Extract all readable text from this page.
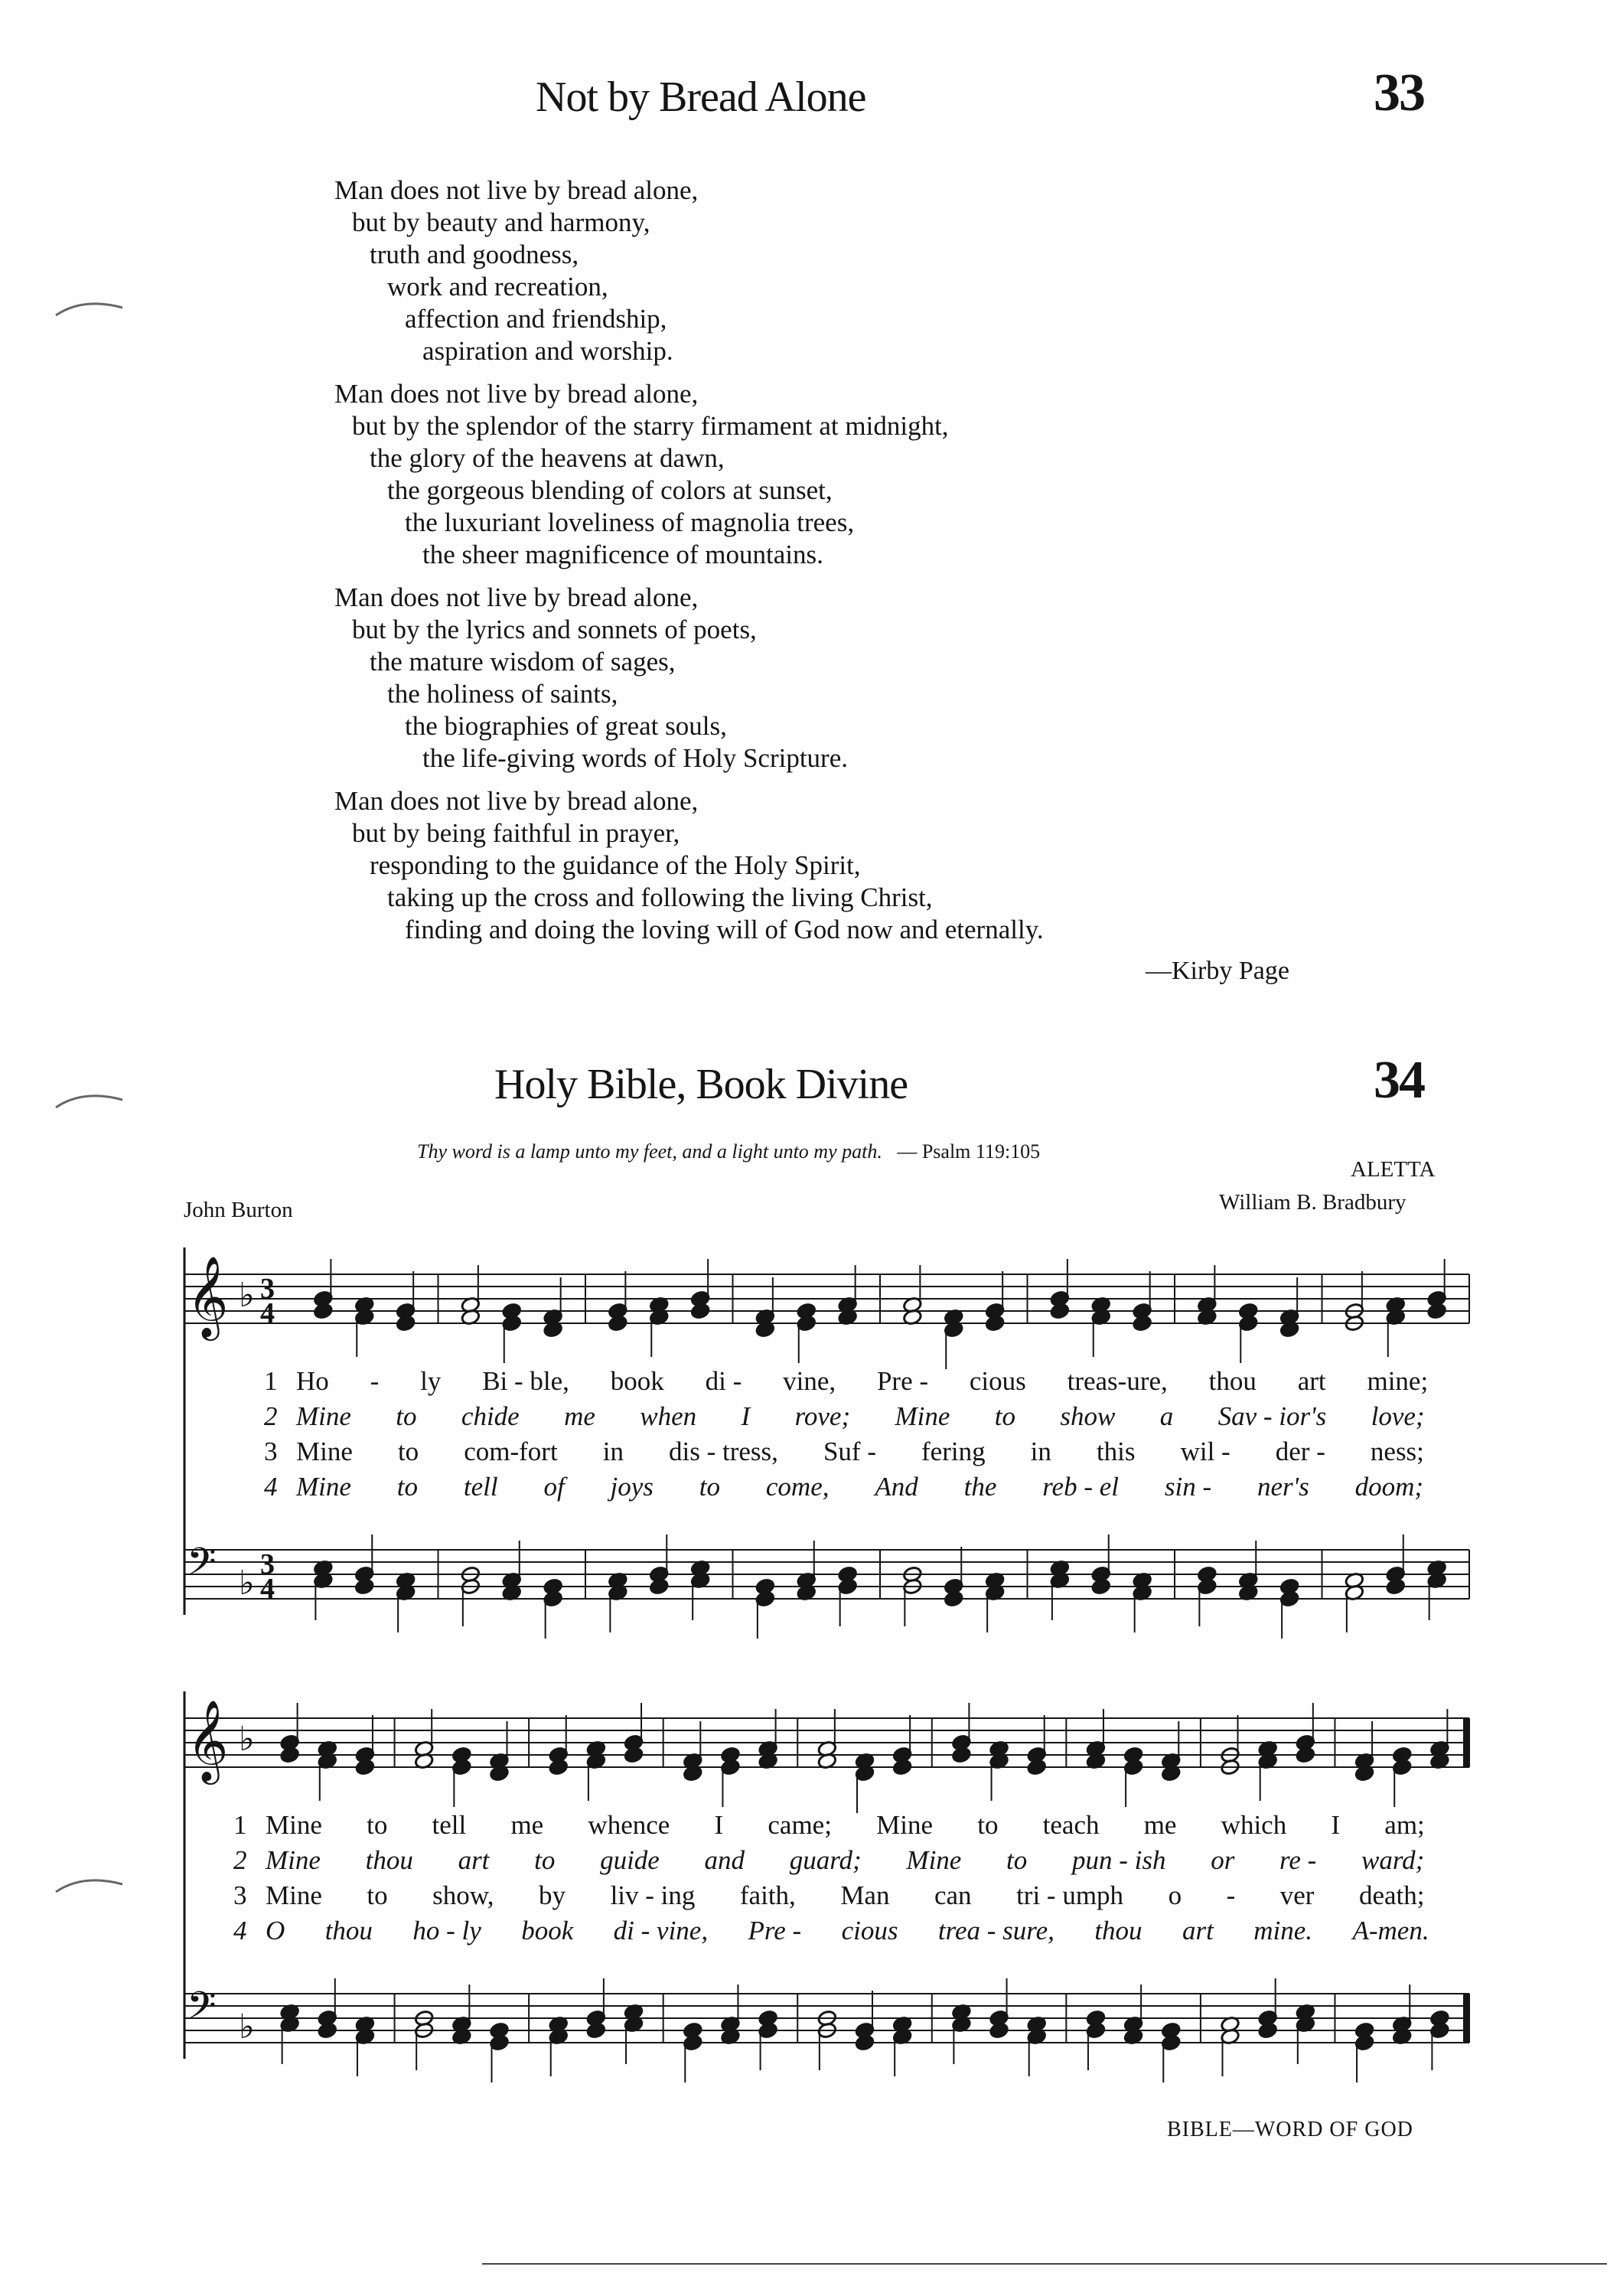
Not by Bread Alone	33
Man does not live by bread alone,
but by beauty and harmony,
truth and goodness,
work and recreation,
affection and friendship,
aspiration and worship.
Man does not live by bread alone,
but by the splendor of the starry firmament at midnight,
the glory of the heavens at dawn,
the gorgeous blending of colors at sunset,
the luxuriant loveliness of magnolia trees,
the sheer magnificence of mountains.
Man does not live by bread alone,
but by the lyrics and sonnets of poets,
the mature wisdom of sages,
the holiness of saints,
the biographies of great souls,
the life-giving words of Holy Scripture.
Man does not live by bread alone,
but by being faithful in prayer,
responding to the guidance of the Holy Spirit,
taking up the cross and following the living Christ,
finding and doing the loving will of God now and eternally.
—Kirby Page
Holy Bible, Book Divine	34
Thy word is a lamp unto my feet, and a light unto my path. — Psalm 119:105
ALETTA
William B. Bradbury
John Burton
𝄞 ♭ 3
4
𝄢 ♭ 3
4
1 Ho	-	ly	Bi - ble,	book	di -	vine,	Pre -	cious	treas-ure,	thou	art	mine;
2 Mine	to	chide	me	when	I	rove;	Mine	to	show	a	Sav - ior's	love;
3 Mine	to	com-fort	in	dis - tress,	Suf -	fering	in	this	wil -	der -	ness;
4 Mine	to	tell	of	joys	to	come,	And	the	reb - el	sin -	ner's	doom;
𝄞 ♭
𝄢 ♭
1 Mine	to	tell	me	whence	I	came;	Mine	to	teach	me	which	I	am;
2 Mine	thou	art	to	guide	and	guard;	Mine	to	pun - ish	or	re -	ward;
3 Mine	to	show,	by	liv - ing	faith,	Man	can	tri - umph	o	-	ver	death;
4 O	thou	ho - ly	book	di - vine,	Pre -	cious	trea - sure,	thou	art	mine.	A-men.
BIBLE—WORD OF GOD
